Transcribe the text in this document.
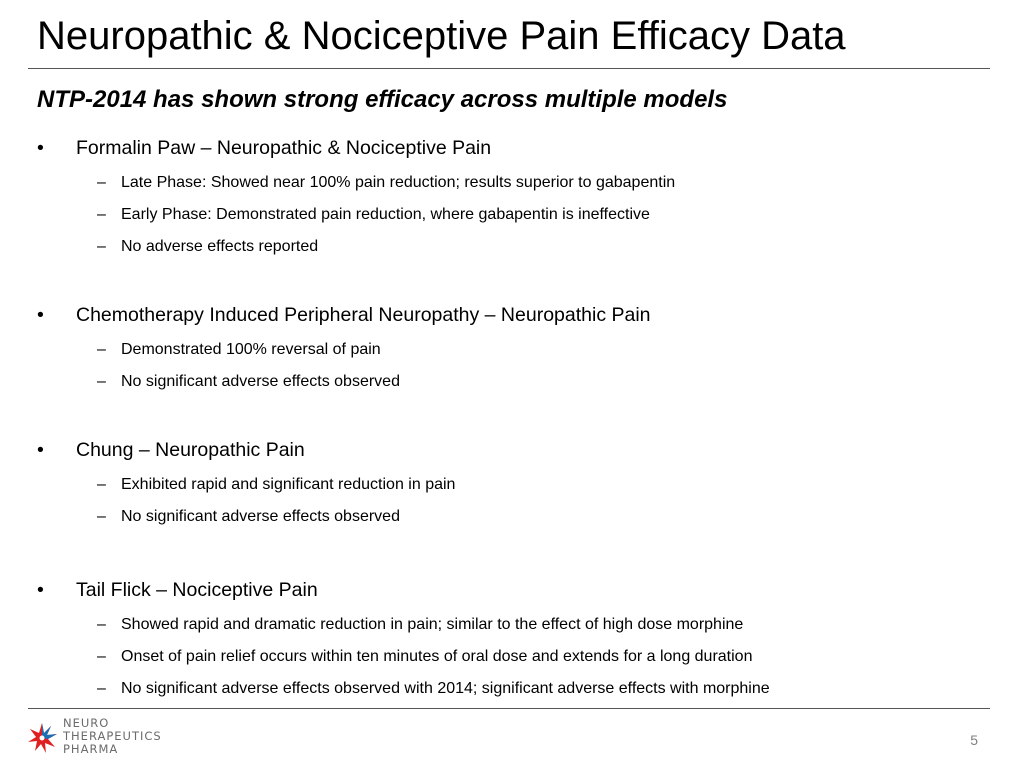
Neuropathic & Nociceptive Pain Efficacy Data
NTP-2014 has shown strong efficacy across multiple models
•	Formalin Paw – Neuropathic & Nociceptive Pain
– Late Phase: Showed near 100% pain reduction; results superior to gabapentin
– Early Phase: Demonstrated pain reduction, where gabapentin is ineffective
– No adverse effects reported
•	Chemotherapy Induced Peripheral Neuropathy – Neuropathic Pain
– Demonstrated 100% reversal of pain
– No significant adverse effects observed
•	Chung – Neuropathic Pain
– Exhibited rapid and significant reduction in pain
– No significant adverse effects observed
•	Tail Flick – Nociceptive Pain
– Showed rapid and dramatic reduction in pain; similar to the effect of high dose morphine
– Onset of pain relief occurs within ten minutes of oral dose and extends for a long duration
– No significant adverse effects observed with 2014; significant adverse effects with morphine
NEURO
THERAPEUTICS
PHARMA
5
